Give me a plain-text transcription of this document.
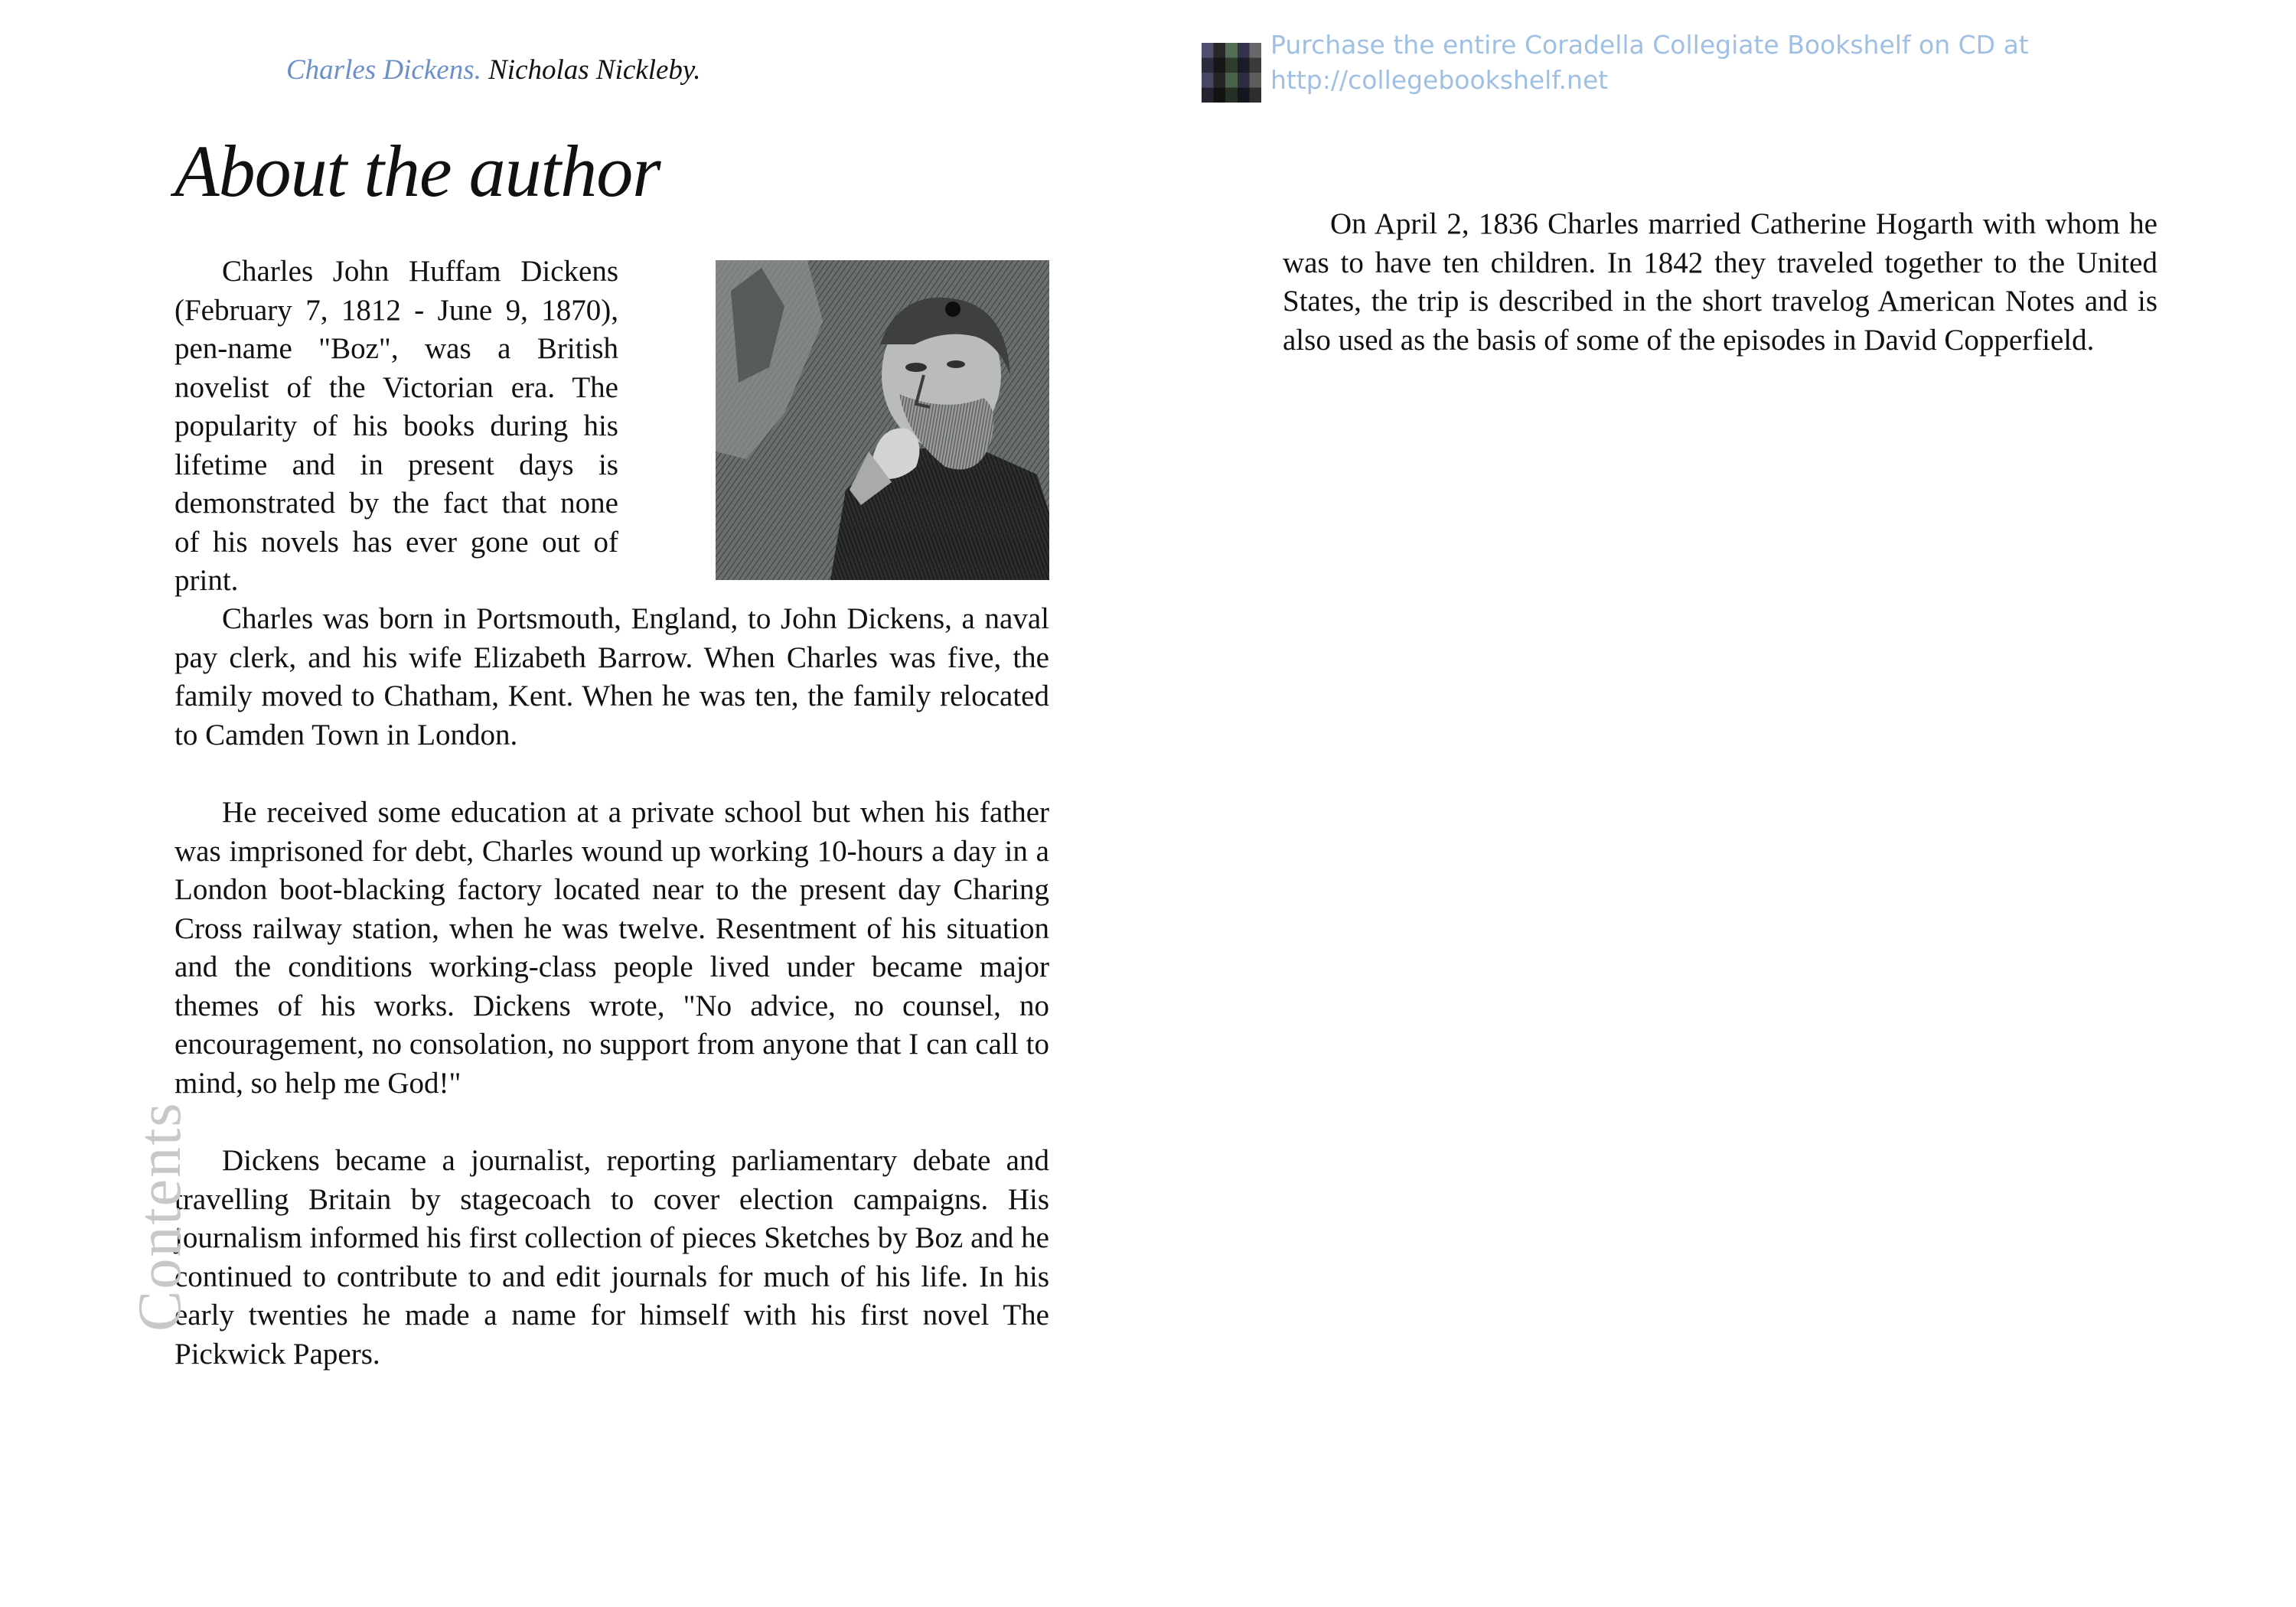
Charles Dickens. Nicholas Nickleby.
Purchase the entire Coradella Collegiate Bookshelf on CD at
http://collegebookshelf.net
About the author

Charles John Huffam Dickens (February 7, 1812 - June 9, 1870), pen-name "Boz", was a British novelist of the Victorian era. The popularity of his books during his lifetime and in present days is demonstrated by the fact that none of his novels has ever gone out of print.

Charles was born in Portsmouth, England, to John Dickens, a naval pay clerk, and his wife Elizabeth Barrow. When Charles was five, the family moved to Chatham, Kent. When he was ten, the family relocated to Camden Town in London.

He received some education at a private school but when his father was imprisoned for debt, Charles wound up working 10-hours a day in a London boot-blacking factory located near to the present day Charing Cross railway station, when he was twelve. Resentment of his situation and the conditions working-class people lived under became major themes of his works. Dickens wrote, "No advice, no counsel, no encouragement, no consolation, no support from anyone that I can call to mind, so help me God!"

Dickens became a journalist, reporting parliamentary debate and travelling Britain by stagecoach to cover election campaigns. His journalism informed his first collection of pieces Sketches by Boz and he continued to contribute to and edit journals for much of his life. In his early twenties he made a name for himself with his first novel The Pickwick Papers.

On April 2, 1836 Charles married Catherine Hogarth with whom he was to have ten children. In 1842 they traveled together to the United States, the trip is described in the short travelog American Notes and is also used as the basis of some of the episodes in David Copperfield.

Contents
